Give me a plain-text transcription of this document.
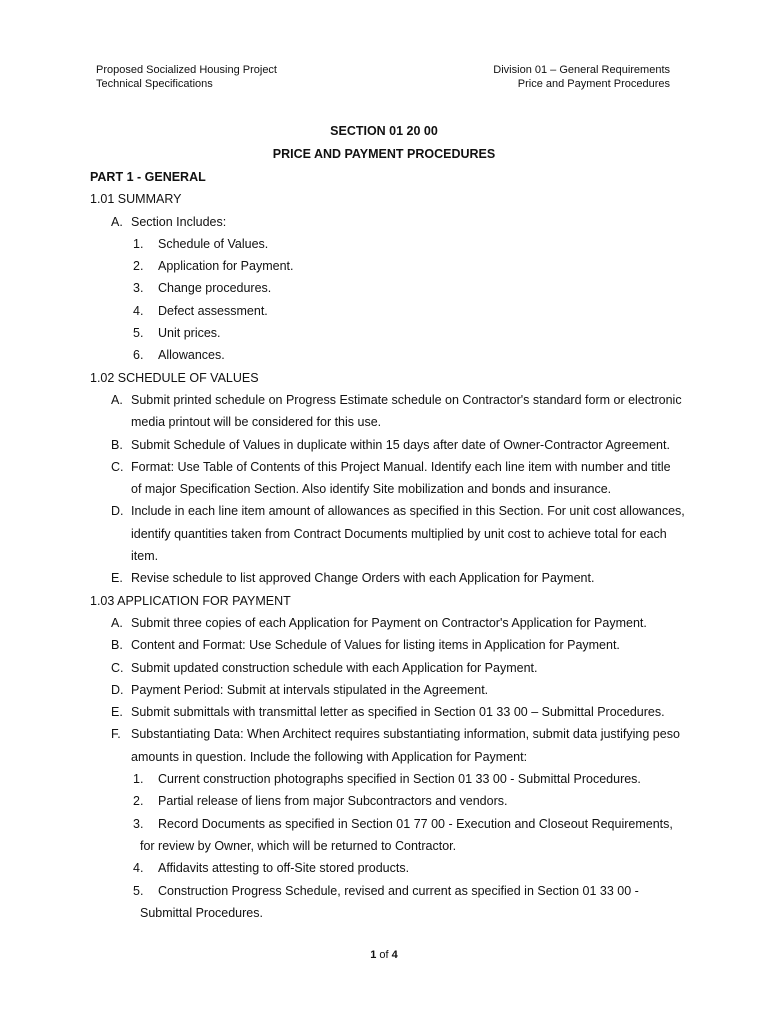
Proposed Socialized Housing Project
Technical Specifications
Division 01 – General Requirements
Price and Payment Procedures
SECTION 01 20 00
PRICE AND PAYMENT PROCEDURES
PART 1 - GENERAL
1.01 SUMMARY
A. Section Includes:
1. Schedule of Values.
2. Application for Payment.
3. Change procedures.
4. Defect assessment.
5. Unit prices.
6. Allowances.
1.02 SCHEDULE OF VALUES
A. Submit printed schedule on Progress Estimate schedule on Contractor's standard form or electronic
media printout will be considered for this use.
B. Submit Schedule of Values in duplicate within 15 days after date of Owner-Contractor Agreement.
C. Format: Use Table of Contents of this Project Manual. Identify each line item with number and title
of major Specification Section. Also identify Site mobilization and bonds and insurance.
D. Include in each line item amount of allowances as specified in this Section. For unit cost allowances,
identify quantities taken from Contract Documents multiplied by unit cost to achieve total for each
item.
E. Revise schedule to list approved Change Orders with each Application for Payment.
1.03 APPLICATION FOR PAYMENT
A. Submit three copies of each Application for Payment on Contractor's Application for Payment.
B. Content and Format: Use Schedule of Values for listing items in Application for Payment.
C. Submit updated construction schedule with each Application for Payment.
D. Payment Period: Submit at intervals stipulated in the Agreement.
E. Submit submittals with transmittal letter as specified in Section 01 33 00 – Submittal Procedures.
F. Substantiating Data: When Architect requires substantiating information, submit data justifying peso
amounts in question. Include the following with Application for Payment:
1. Current construction photographs specified in Section 01 33 00 - Submittal Procedures.
2. Partial release of liens from major Subcontractors and vendors.
3. Record Documents as specified in Section 01 77 00 - Execution and Closeout Requirements,
for review by Owner, which will be returned to Contractor.
4. Affidavits attesting to off-Site stored products.
5. Construction Progress Schedule, revised and current as specified in Section 01 33 00 -
Submittal Procedures.
1 of 4
